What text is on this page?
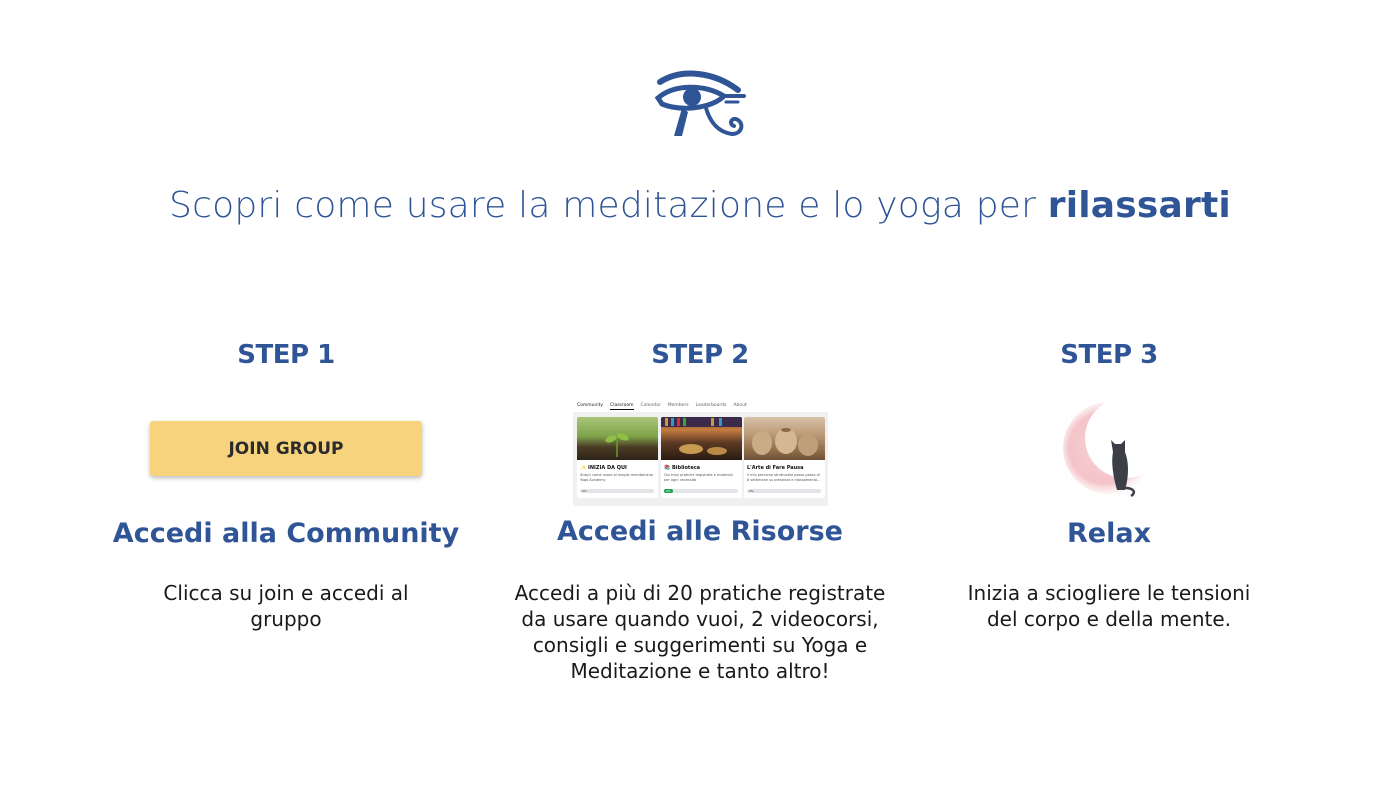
Scopri come usare la meditazione e lo yoga per rilassarti
STEP 1
JOIN GROUP
Accedi alla Community
Clicca su join e accedi al gruppo
STEP 2
Community Classroom Calendar Members Leaderboards About
✨ INIZIA DA QUI
Scopri come usare al meglio membership Yoga Academy
0%
📚 Biblioteca
Qui trovi pratiche registrate e materiali per ogni necessità
0%
L'Arte di Fare Pausa
Il mio percorso strutturato passo passo di 8 settimane su presenza e rilassamento…
0%
Accedi alle Risorse
Accedi a più di 20 pratiche registrate da usare quando vuoi, 2 videocorsi, consigli e suggerimenti su Yoga e Meditazione e tanto altro!
STEP 3
Relax
Inizia a sciogliere le tensioni del corpo e della mente.
